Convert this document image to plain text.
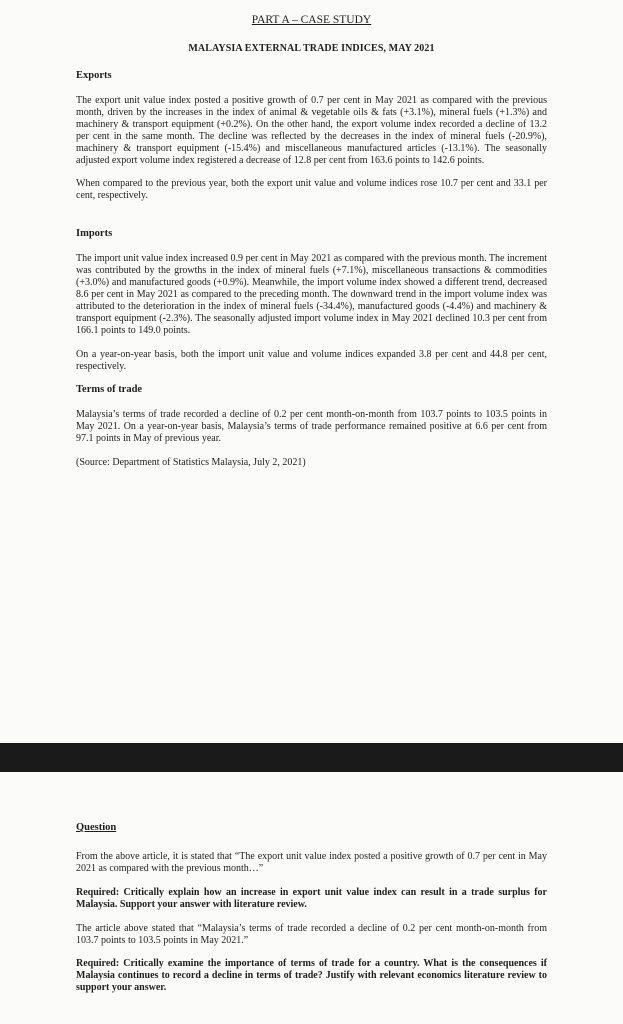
PART A – CASE STUDY
MALAYSIA EXTERNAL TRADE INDICES, MAY 2021
Exports

The export unit value index posted a positive growth of 0.7 per cent in May 2021 as compared with the previous month, driven by the increases in the index of animal & vegetable oils & fats (+3.1%), mineral fuels (+1.3%) and machinery & transport equipment (+0.2%). On the other hand, the export volume index recorded a decline of 13.2 per cent in the same month. The decline was reflected by the decreases in the index of mineral fuels (-20.9%), machinery & transport equipment (-15.4%) and miscellaneous manufactured articles (-13.1%). The seasonally adjusted export volume index registered a decrease of 12.8 per cent from 163.6 points to 142.6 points.

When compared to the previous year, both the export unit value and volume indices rose 10.7 per cent and 33.1 per cent, respectively.

Imports

The import unit value index increased 0.9 per cent in May 2021 as compared with the previous month. The increment was contributed by the growths in the index of mineral fuels (+7.1%), miscellaneous transactions & commodities (+3.0%) and manufactured goods (+0.9%). Meanwhile, the import volume index showed a different trend, decreased 8.6 per cent in May 2021 as compared to the preceding month. The downward trend in the import volume index was attributed to the deterioration in the index of mineral fuels (-34.4%), manufactured goods (-4.4%) and machinery & transport equipment (-2.3%). The seasonally adjusted import volume index in May 2021 declined 10.3 per cent from 166.1 points to 149.0 points.

On a year-on-year basis, both the import unit value and volume indices expanded 3.8 per cent and 44.8 per cent, respectively.

Terms of trade

Malaysia’s terms of trade recorded a decline of 0.2 per cent month-on-month from 103.7 points to 103.5 points in May 2021. On a year-on-year basis, Malaysia’s terms of trade performance remained positive at 6.6 per cent from 97.1 points in May of previous year.

(Source: Department of Statistics Malaysia, July 2, 2021)

Question

From the above article, it is stated that “The export unit value index posted a positive growth of 0.7 per cent in May 2021 as compared with the previous month…”

Required: Critically explain how an increase in export unit value index can result in a trade surplus for Malaysia. Support your answer with literature review.

The article above stated that “Malaysia’s terms of trade recorded a decline of 0.2 per cent month-on-month from 103.7 points to 103.5 points in May 2021.”

Required: Critically examine the importance of terms of trade for a country. What is the consequences if Malaysia continues to record a decline in terms of trade? Justify with relevant economics literature review to support your answer.
